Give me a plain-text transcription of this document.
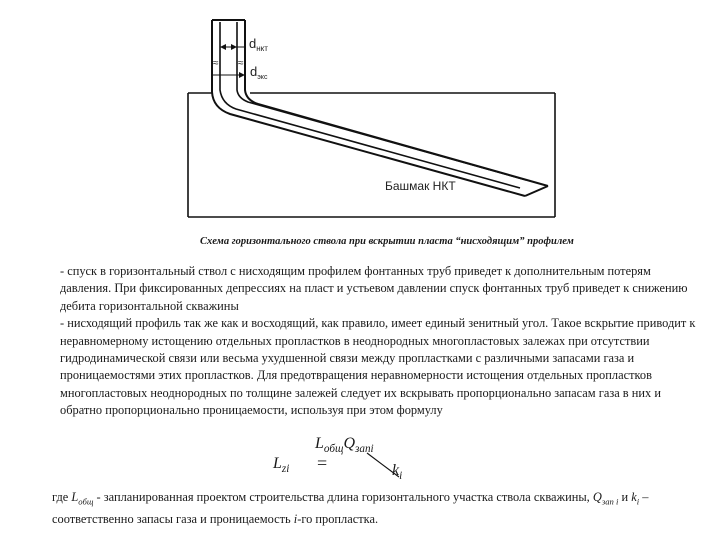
≈ ≈
$d_{нкт}$
$d_{экс}$
Башмак НКТ
Схема горизонтального ствола при вскрытии пласта “нисходящим” профилем

- спуск в горизонтальный ствол с нисходящим профилем фонтанных труб приведет к дополнительным потерям давления. При фиксированных депрессиях на пласт и устьевом давлении спуск фонтанных труб приведет к снижению дебита горизонтальной скважины

- нисходящий профиль так же как и восходящий, как правило, имеет единый зенитный угол. Такое вскрытие приводит к неравномерному истощению отдельных пропластков в неоднородных многопластовых залежах при отсутствии гидродинамической связи или весьма ухудшенной связи между пропластками с различными запасами газа и проницаемостями этих пропластков. Для предотвращения неравномерности истощения отдельных пропластков многопластовых неоднородных по толщине залежей следует их вскрывать пропорционально запасам газа в них и обратно пропорционально проницаемости, используя при этом формулу

$L_{zi}$ =
$L_{общ}Q_{запi}$
$k_i$

где $L_{общ}$ - запланированная проектом строительства длина горизонтального участка ствола скважины, $Q_{зап i}$ и $k_i$ – соответственно запасы газа и проницаемость i-го пропластка.
